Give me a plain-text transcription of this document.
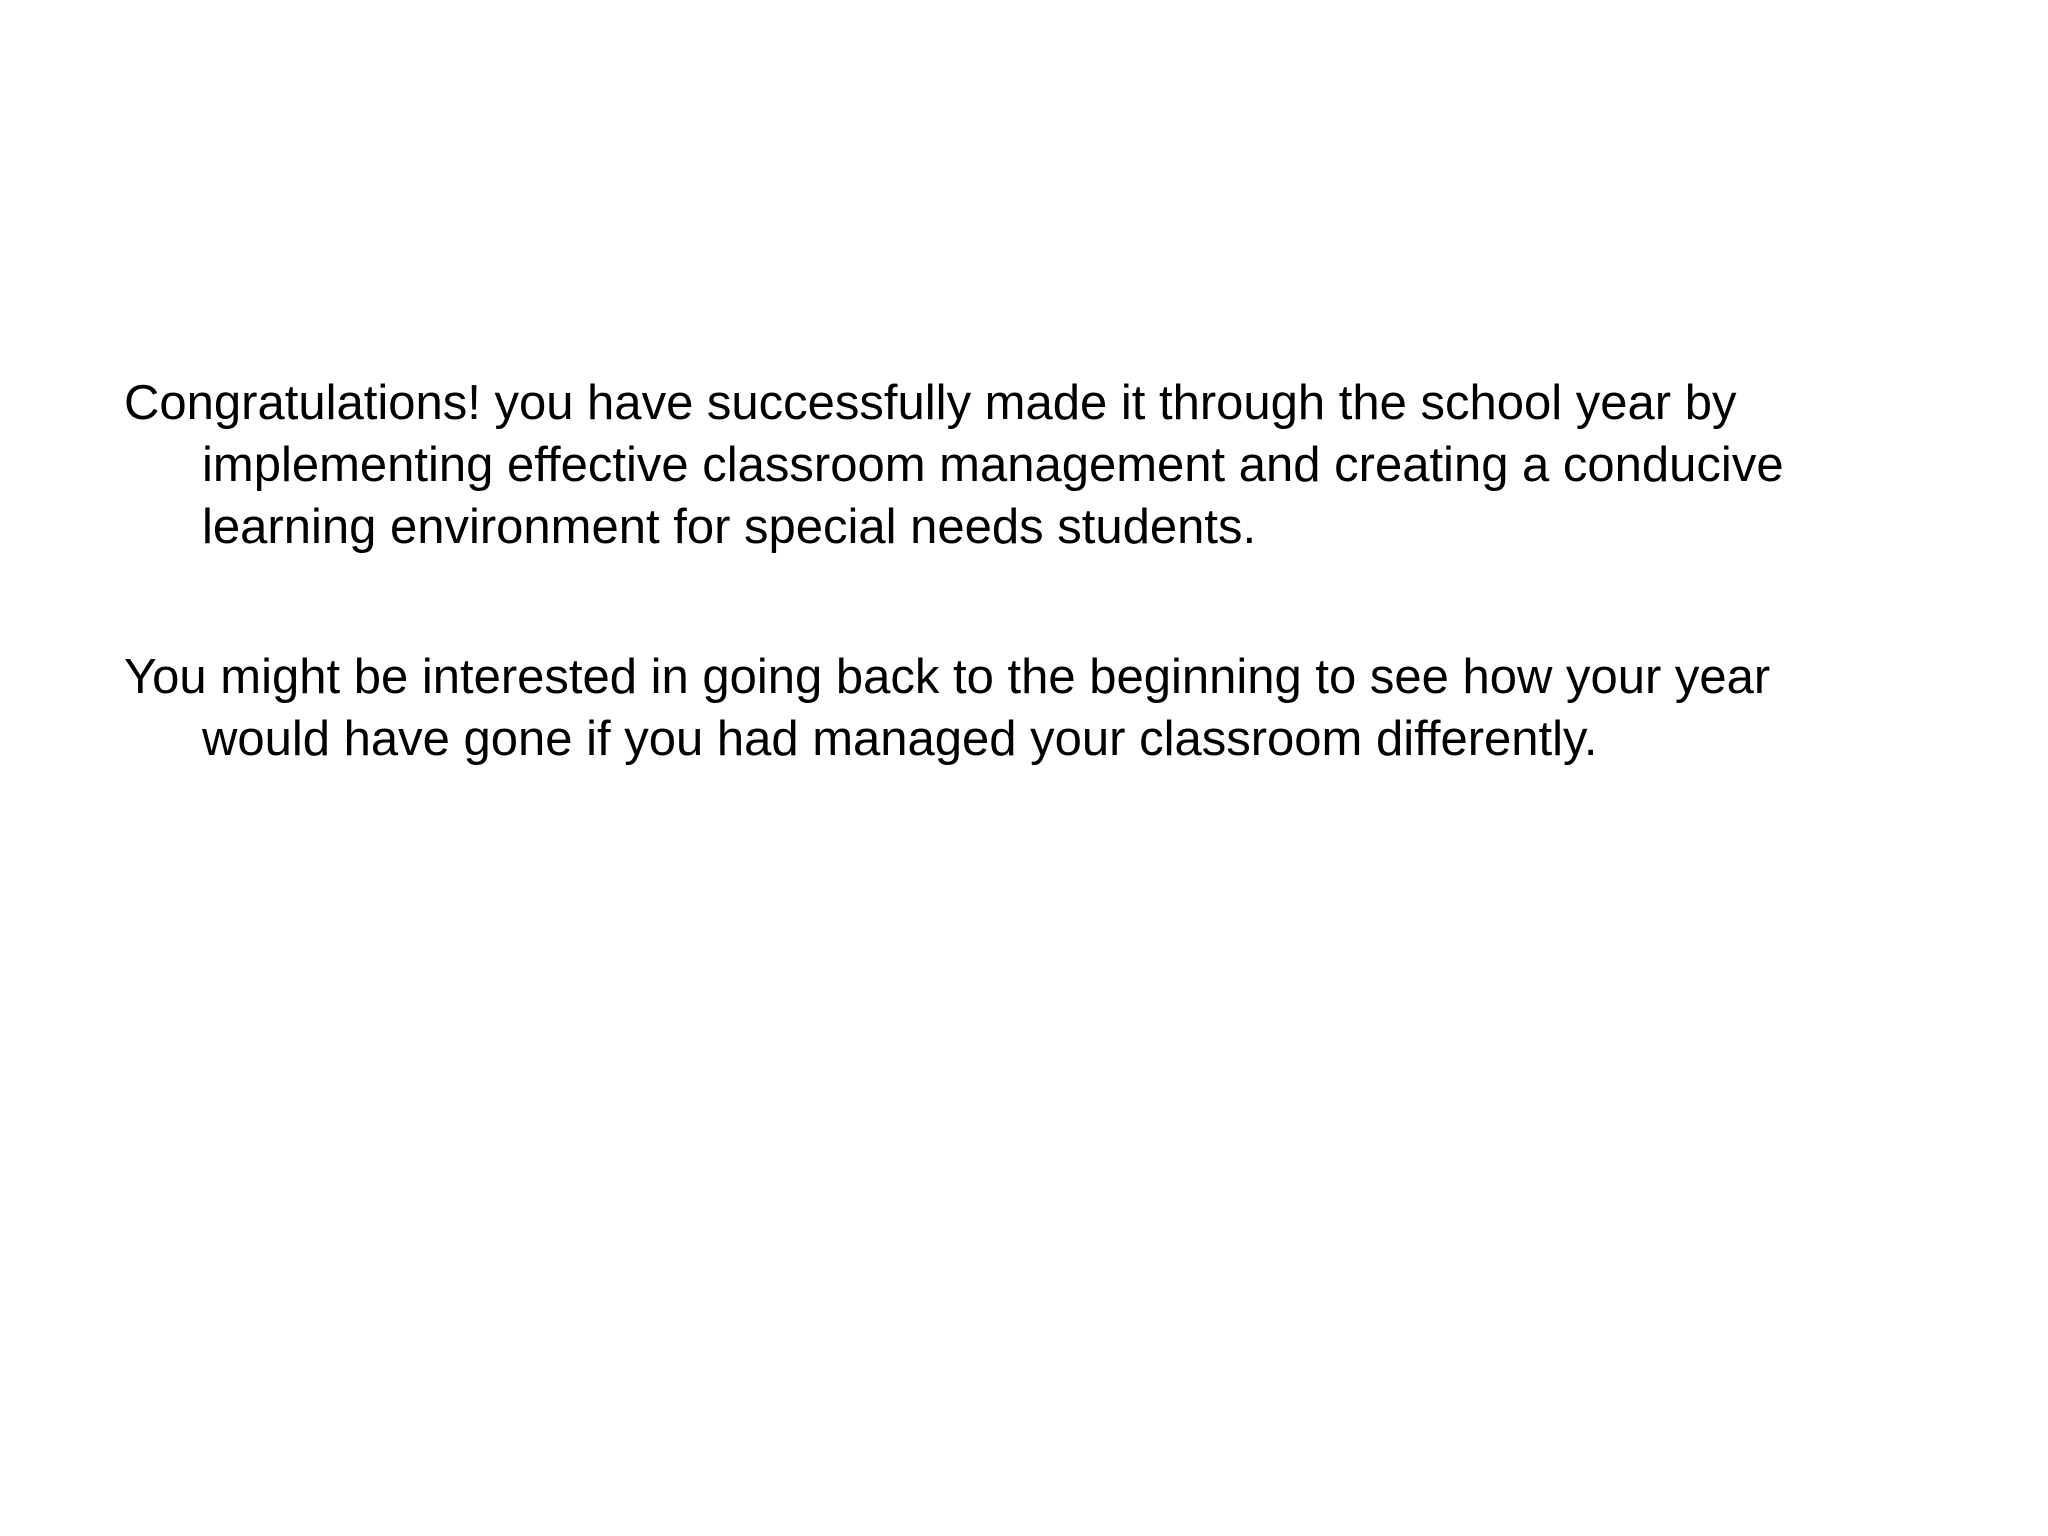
Congratulations! you have successfully made it through the school year by
implementing effective classroom management and creating a conducive
learning environment for special needs students.

You might be interested in going back to the beginning to see how your year
would have gone if you had managed your classroom differently.
